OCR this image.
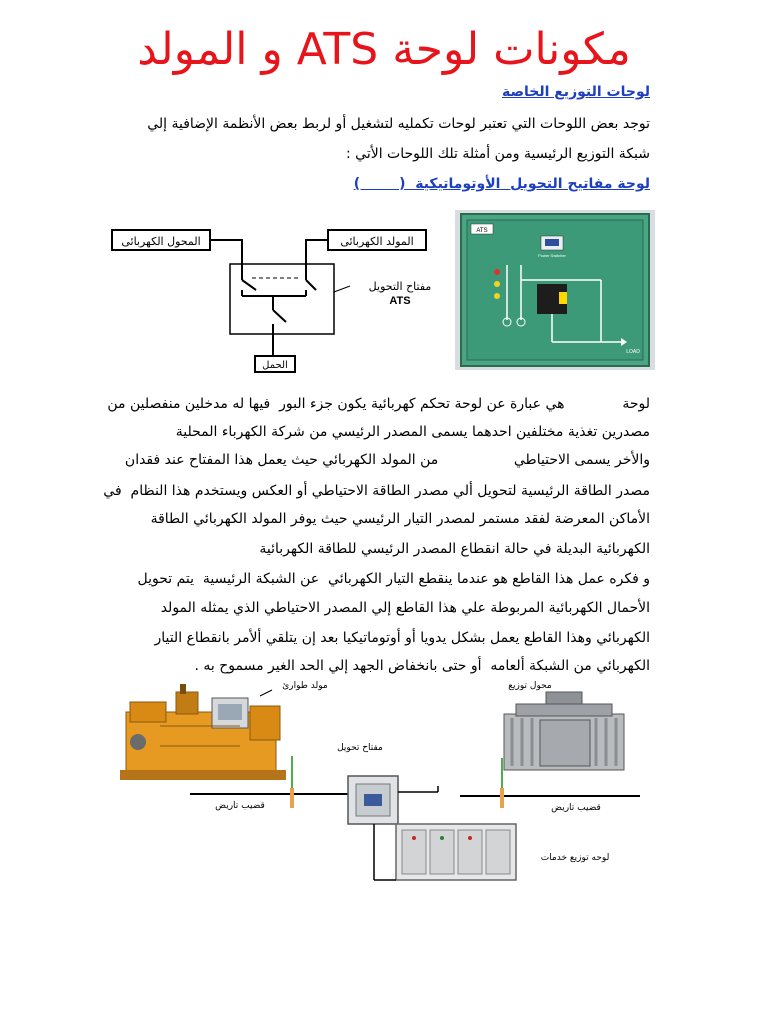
مكونات لوحة ATS و المولد
لوحات التوزيع الخاصة
توجد بعض اللوحات التي تعتبر لوحات تكمليه لتشغيل أو لربط بعض الأنظمة الإضافية إلي
شبكة التوزيع الرئيسية ومن أمثلة تلك اللوحات الأتي :
لوحة مفاتيح التحويل  الأوتوماتيكية  (        )
المحول الكهربائى	المولد الكهربائى
مفتاح التحويل
ATS
الحمل
ATS
Power Switcher
LOAD
لوحة             هي عبارة عن لوحة تحكم كهربائية يكون جزء البور  فيها له مدخلين منفصلين من
مصدرين تغذية مختلفين احدهما يسمى المصدر الرئيسي من شركة الكهرباء المحلية
والأخر يسمى الاحتياطي                 من المولد الكهربائي حيث يعمل هذا المفتاح عند فقدان
مصدر الطاقة الرئيسية لتحويل ألي مصدر الطاقة الاحتياطي أو العكس ويستخدم هذا النظام  في
الأماكن المعرضة لفقد مستمر لمصدر التيار الرئيسي حيث يوفر المولد الكهربائي الطاقة
الكهربائية البديلة في حالة انقطاع المصدر الرئيسي للطاقة الكهربائية
و فكره عمل هذا القاطع هو عندما ينقطع التيار الكهربائي  عن الشبكة الرئيسية  يتم تحويل
الأحمال الكهربائية المربوطة علي هذا القاطع إلي المصدر الاحتياطي الذي يمثله المولد
الكهربائي وهذا القاطع يعمل بشكل يدويا أو أوتوماتيكيا بعد إن يتلقي ألأمر بانقطاع التيار
الكهربائي من الشبكة ألعامه  أو حتى بانخفاض الجهد إلي الحد الغير مسموح به .
مولد طوارئ	محول توزيع
قضيب تاريض	قضيب تاريض
مفتاح تحويل
لوحه توزيع خدمات
